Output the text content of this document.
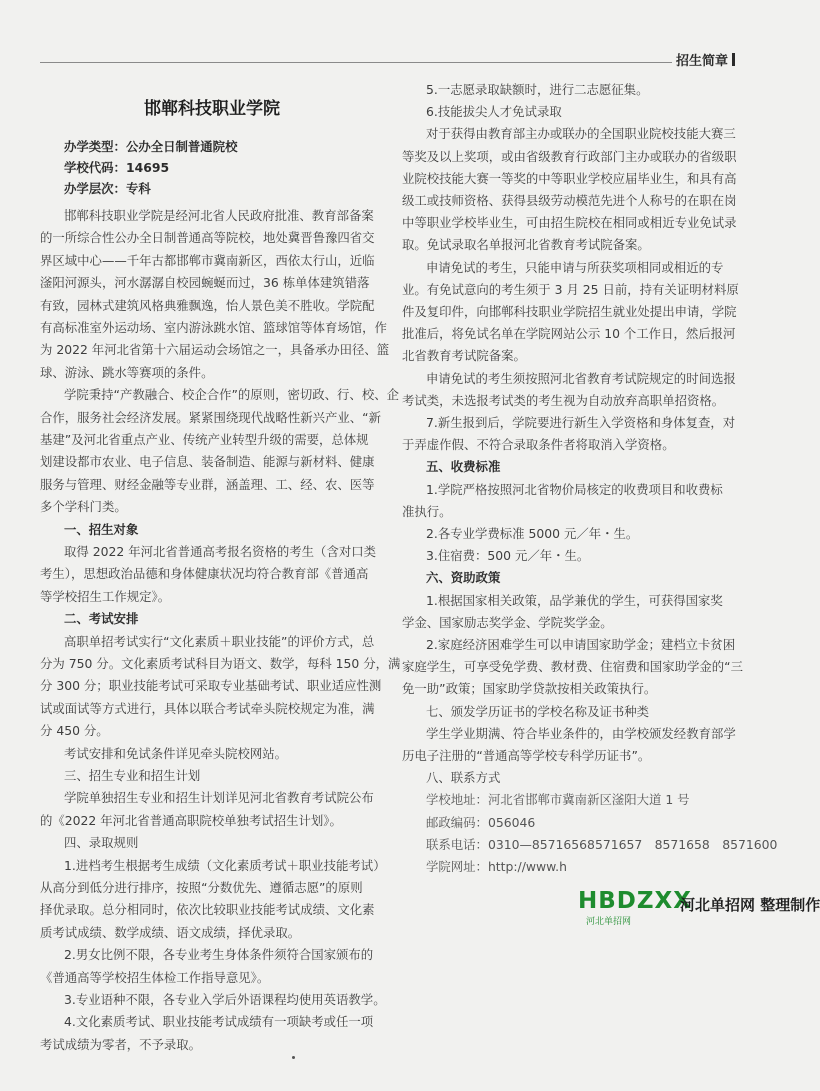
招生简章
邯郸科技职业学院
办学类型：公办全日制普通院校
学校代码：14695
办学层次：专科
邯郸科技职业学院是经河北省人民政府批准、教育部备案
的一所综合性公办全日制普通高等院校，地处冀晋鲁豫四省交
界区域中心——千年古都邯郸市冀南新区，西依太行山，近临
滏阳河源头，河水潺潺自校园蜿蜒而过，36 栋单体建筑错落
有致，园林式建筑风格典雅飘逸，怡人景色美不胜收。学院配
有高标准室外运动场、室内游泳跳水馆、篮球馆等体育场馆，作
为 2022 年河北省第十六届运动会场馆之一，具备承办田径、篮
球、游泳、跳水等赛项的条件。
学院秉持“产教融合、校企合作”的原则，密切政、行、校、企
合作，服务社会经济发展。紧紧围绕现代战略性新兴产业、“新
基建”及河北省重点产业、传统产业转型升级的需要，总体规
划建设都市农业、电子信息、装备制造、能源与新材料、健康
服务与管理、财经金融等专业群，涵盖理、工、经、农、医等
多个学科门类。
一、招生对象
取得 2022 年河北省普通高考报名资格的考生（含对口类
考生），思想政治品德和身体健康状况均符合教育部《普通高
等学校招生工作规定》。
二、考试安排
高职单招考试实行“文化素质＋职业技能”的评价方式，总
分为 750 分。文化素质考试科目为语文、数学，每科 150 分，满
分 300 分；职业技能考试可采取专业基础考试、职业适应性测
试或面试等方式进行，具体以联合考试牵头院校规定为准，满
分 450 分。
考试安排和免试条件详见牵头院校网站。
三、招生专业和招生计划
学院单独招生专业和招生计划详见河北省教育考试院公布
的《2022 年河北省普通高职院校单独考试招生计划》。
四、录取规则
1.进档考生根据考生成绩（文化素质考试＋职业技能考试）
从高分到低分进行排序，按照“分数优先、遵循志愿”的原则
择优录取。总分相同时，依次比较职业技能考试成绩、文化素
质考试成绩、数学成绩、语文成绩，择优录取。
2.男女比例不限，各专业考生身体条件须符合国家颁布的
《普通高等学校招生体检工作指导意见》。
3.专业语种不限，各专业入学后外语课程均使用英语教学。
4.文化素质考试、职业技能考试成绩有一项缺考或任一项
考试成绩为零者，不予录取。
5.一志愿录取缺额时，进行二志愿征集。
6.技能拔尖人才免试录取
对于获得由教育部主办或联办的全国职业院校技能大赛三
等奖及以上奖项，或由省级教育行政部门主办或联办的省级职
业院校技能大赛一等奖的中等职业学校应届毕业生，和具有高
级工或技师资格、获得县级劳动模范先进个人称号的在职在岗
中等职业学校毕业生，可由招生院校在相同或相近专业免试录
取。免试录取名单报河北省教育考试院备案。
申请免试的考生，只能申请与所获奖项相同或相近的专
业。有免试意向的考生须于 3 月 25 日前，持有关证明材料原
件及复印件，向邯郸科技职业学院招生就业处提出申请，学院
批准后，将免试名单在学院网站公示 10 个工作日，然后报河
北省教育考试院备案。
申请免试的考生须按照河北省教育考试院规定的时间选报
考试类，未选报考试类的考生视为自动放弃高职单招资格。
7.新生报到后，学院要进行新生入学资格和身体复查，对
于弄虚作假、不符合录取条件者将取消入学资格。
五、收费标准
1.学院严格按照河北省物价局核定的收费项目和收费标
准执行。
2.各专业学费标准 5000 元／年・生。
3.住宿费：500 元／年・生。
六、资助政策
1.根据国家相关政策，品学兼优的学生，可获得国家奖
学金、国家励志奖学金、学院奖学金。
2.家庭经济困难学生可以申请国家助学金；建档立卡贫困
家庭学生，可享受免学费、教材费、住宿费和国家助学金的“三
免一助”政策；国家助学贷款按相关政策执行。
七、颁发学历证书的学校名称及证书种类
学生学业期满、符合毕业条件的，由学校颁发经教育部学
历电子注册的“普通高等学校专科学历证书”。
八、联系方式
学校地址：河北省邯郸市冀南新区滏阳大道 1 号
邮政编码：056046
联系电话：0310—85716568571657　8571658　8571600
学院网址：http://www.h
HBDZXX
河北单招网
河北单招网 整理制作
